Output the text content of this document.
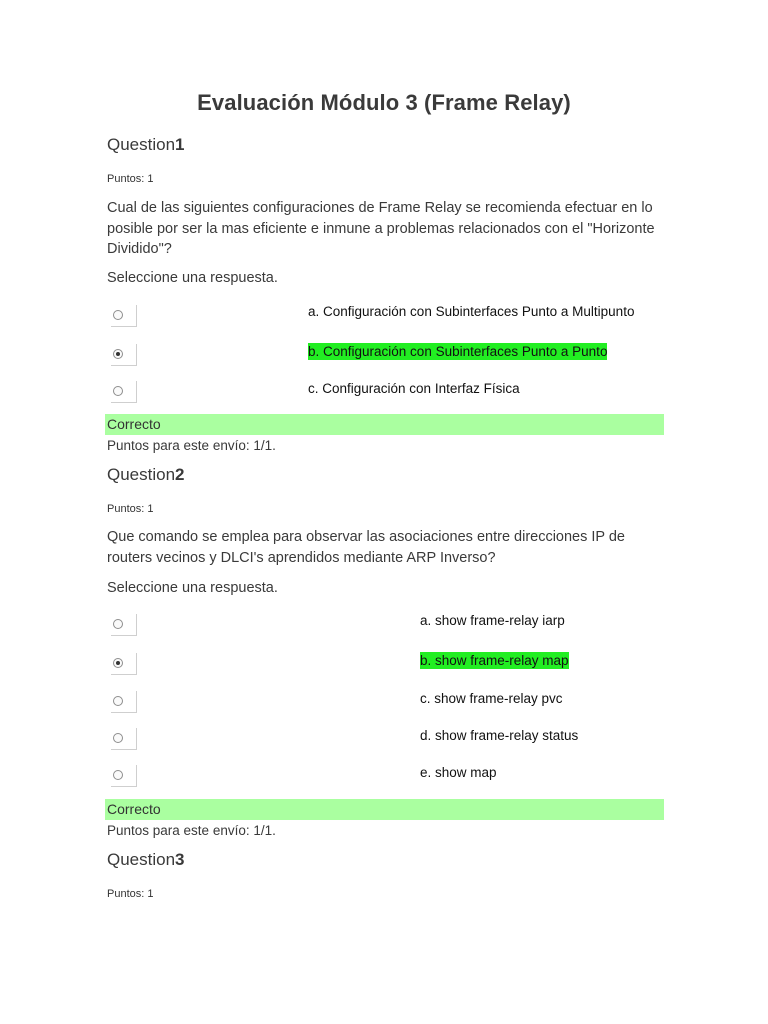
Evaluación Módulo 3 (Frame Relay)
Question1
Puntos: 1
Cual de las siguientes configuraciones de Frame Relay se recomienda efectuar en lo posible por ser la mas eficiente e inmune a problemas relacionados con el "Horizonte Dividido"?
Seleccione una respuesta.
a. Configuración con Subinterfaces Punto a Multipunto
b. Configuración con Subinterfaces Punto a Punto
c. Configuración con Interfaz Física
Correcto
Puntos para este envío: 1/1.
Question2
Puntos: 1
Que comando se emplea para observar las asociaciones entre direcciones IP de routers vecinos y DLCI's aprendidos mediante ARP Inverso?
Seleccione una respuesta.
a. show frame-relay iarp
b. show frame-relay map
c. show frame-relay pvc
d. show frame-relay status
e. show map
Correcto
Puntos para este envío: 1/1.
Question3
Puntos: 1
